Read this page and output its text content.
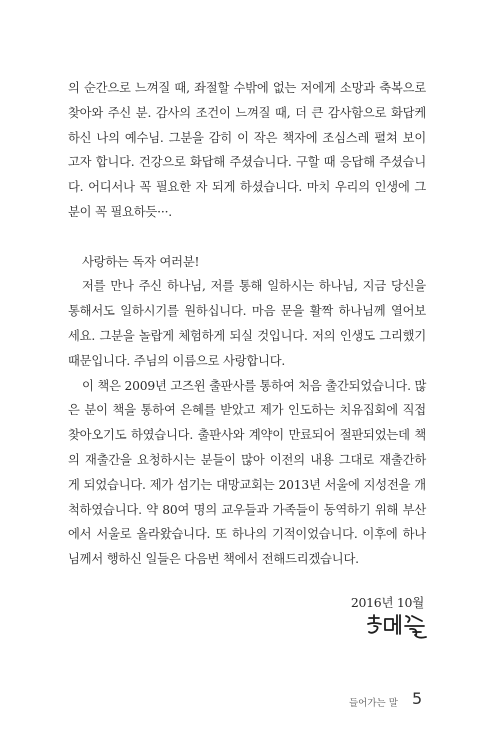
의 순간으로 느껴질 때, 좌절할 수밖에 없는 저에게 소망과 축복으로
찾아와 주신 분. 감사의 조건이 느껴질 때, 더 큰 감사함으로 화답케
하신 나의 예수님. 그분을 감히 이 작은 책자에 조심스레 펼쳐 보이
고자 합니다. 건강으로 화답해 주셨습니다. 구할 때 응답해 주셨습니
다. 어디서나 꼭 필요한 자 되게 하셨습니다. 마치 우리의 인생에 그
분이 꼭 필요하듯···.
사랑하는 독자 여러분!
저를 만나 주신 하나님, 저를 통해 일하시는 하나님, 지금 당신을
통해서도 일하시기를 원하십니다. 마음 문을 활짝 하나님께 열어보
세요. 그분을 놀랍게 체험하게 되실 것입니다. 저의 인생도 그리했기
때문입니다. 주님의 이름으로 사랑합니다.
이 책은 2009년 고즈윈 출판사를 통하여 처음 출간되었습니다. 많
은 분이 책을 통하여 은혜를 받았고 제가 인도하는 치유집회에 직접
찾아오기도 하였습니다. 출판사와 계약이 만료되어 절판되었는데 책
의 재출간을 요청하시는 분들이 많아 이전의 내용 그대로 재출간하
게 되었습니다. 제가 섬기는 대망교회는 2013년 서울에 지성전을 개
척하였습니다. 약 80여 명의 교우들과 가족들이 동역하기 위해 부산
에서 서울로 올라왔습니다. 또 하나의 기적이었습니다. 이후에 하나
님께서 행하신 일들은 다음번 책에서 전해드리겠습니다.
2016년 10월
들어가는 말 5
